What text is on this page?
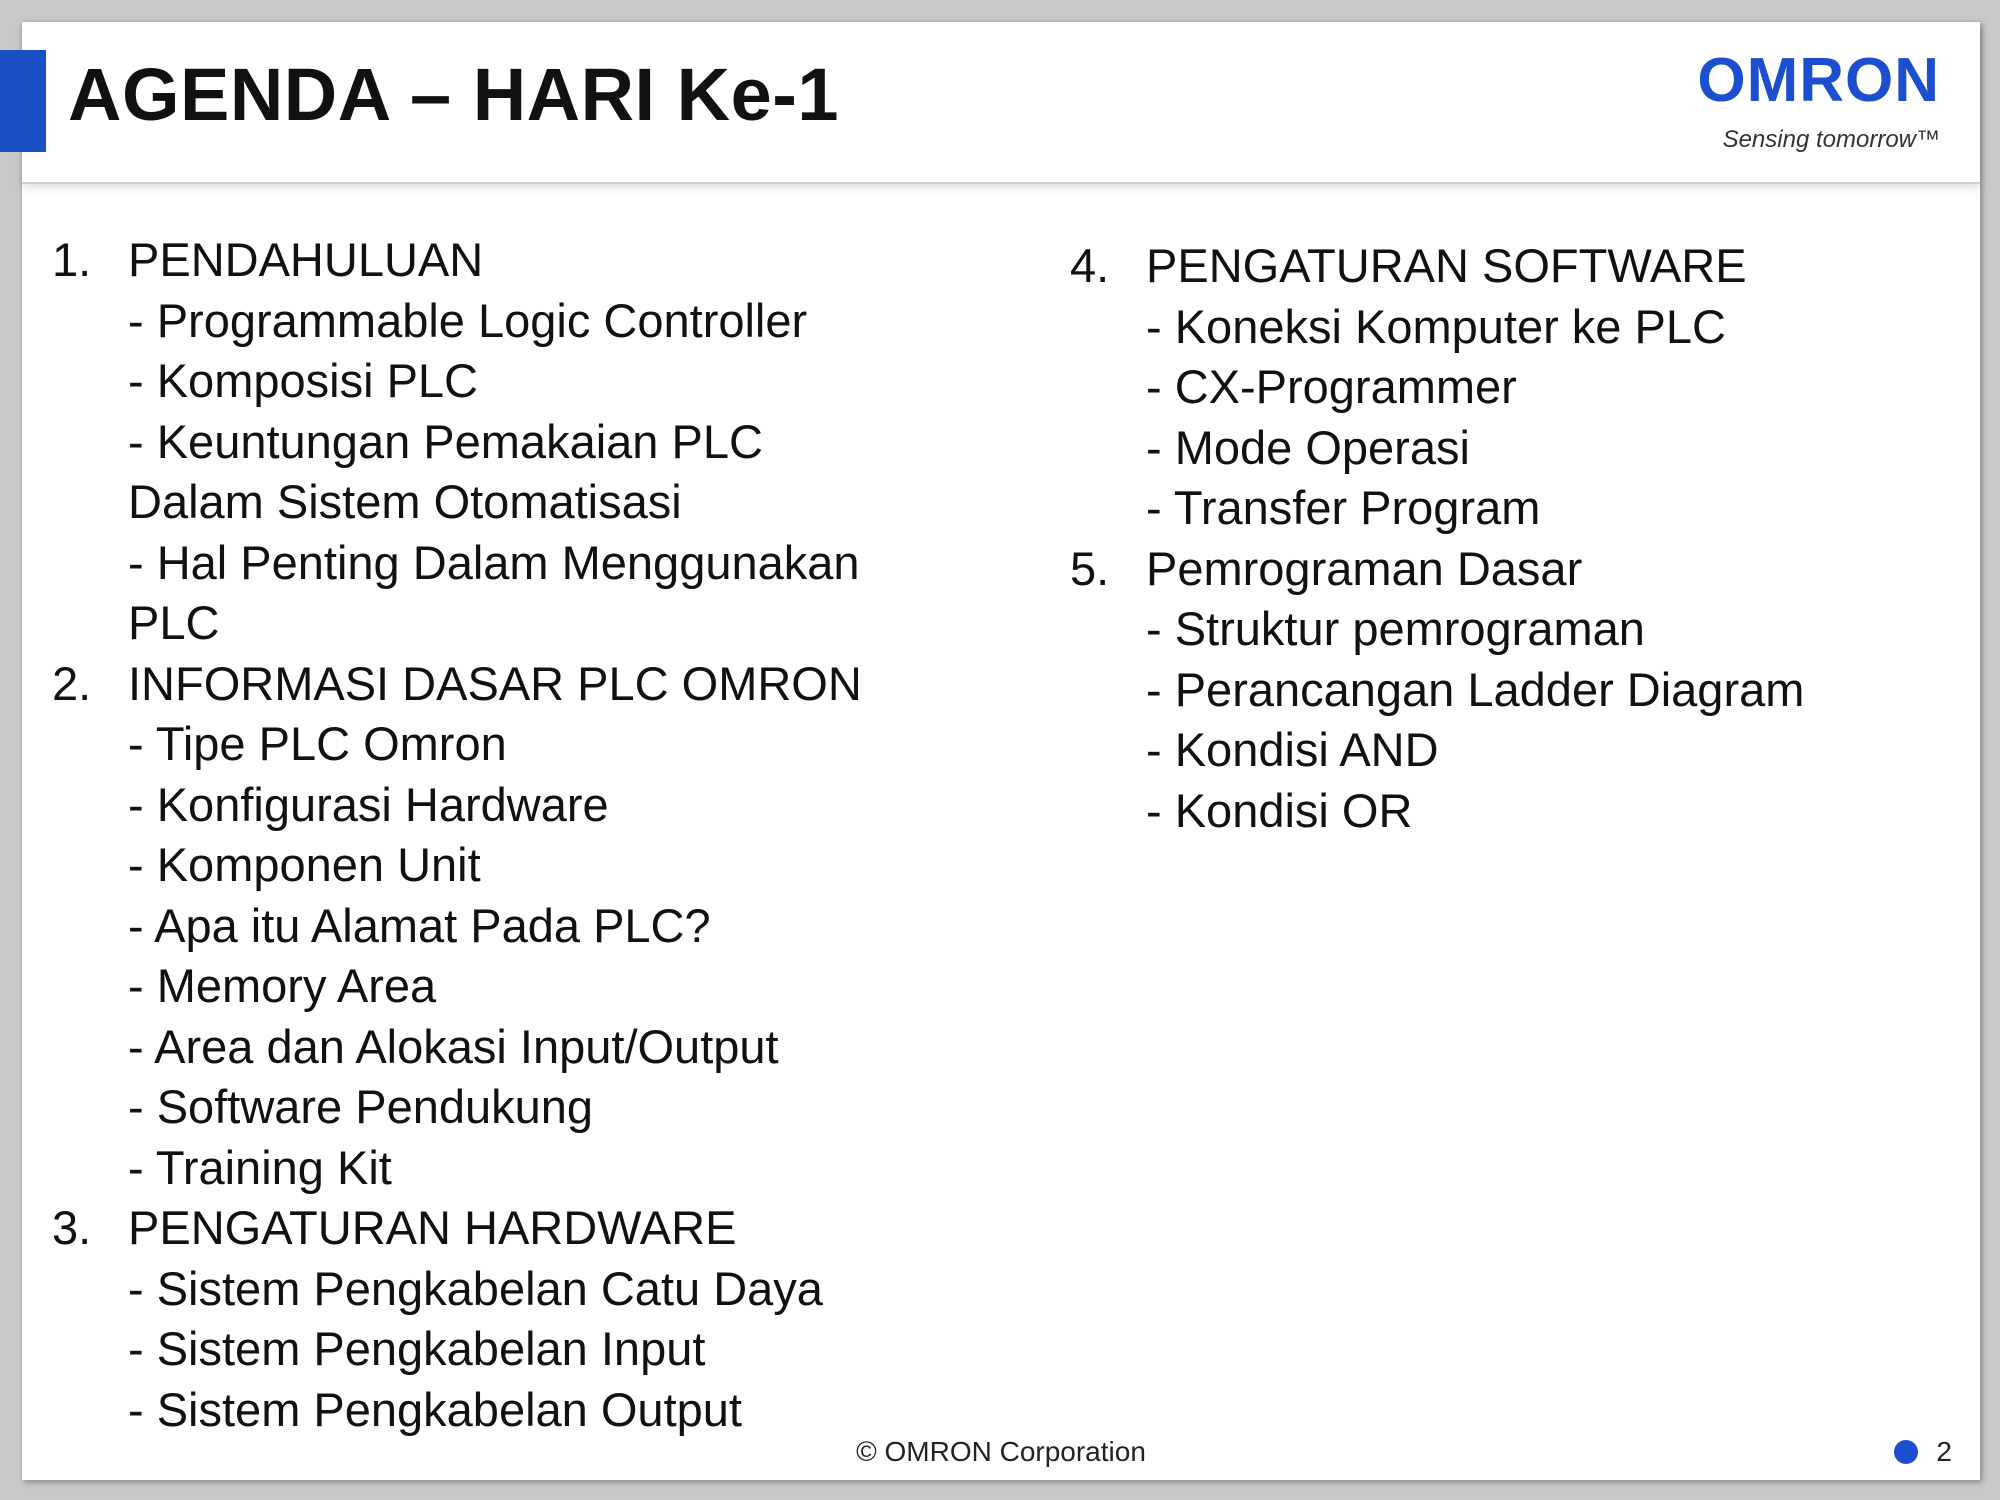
AGENDA – HARI Ke-1	OMRON
Sensing tomorrow™
1. PENDAHULUAN
- Programmable Logic Controller
- Komposisi PLC
- Keuntungan Pemakaian PLC
Dalam Sistem Otomatisasi
- Hal Penting Dalam Menggunakan
PLC
2. INFORMASI DASAR PLC OMRON
- Tipe PLC Omron
- Konfigurasi Hardware
- Komponen Unit
- Apa itu Alamat Pada PLC?
- Memory Area
- Area dan Alokasi Input/Output
- Software Pendukung
- Training Kit
3. PENGATURAN HARDWARE
- Sistem Pengkabelan Catu Daya
- Sistem Pengkabelan Input
- Sistem Pengkabelan Output
4. PENGATURAN SOFTWARE
- Koneksi Komputer ke PLC
- CX-Programmer
- Mode Operasi
- Transfer Program
5. Pemrograman Dasar
- Struktur pemrograman
- Perancangan Ladder Diagram
- Kondisi AND
- Kondisi OR
© OMRON Corporation	2
